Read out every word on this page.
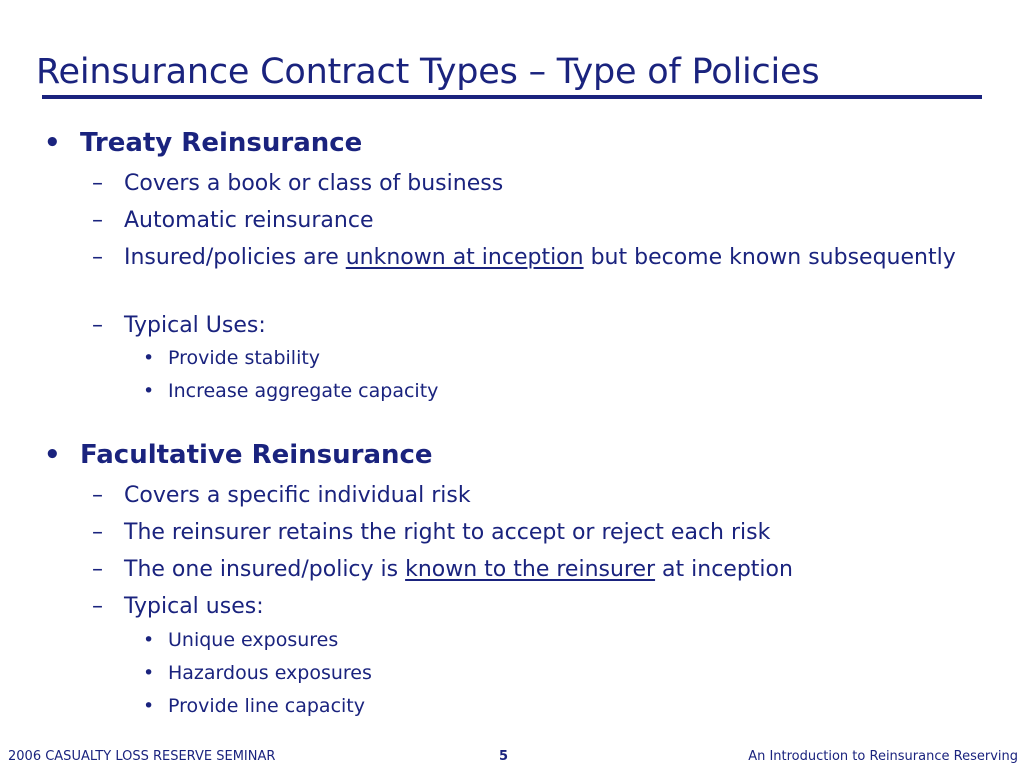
Reinsurance Contract Types – Type of Policies
• Treaty Reinsurance
– Covers a book or class of business
– Automatic reinsurance
– Insured/policies are unknown at inception but become known subsequently
– Typical Uses:
• Provide stability
• Increase aggregate capacity
• Facultative Reinsurance
– Covers a specific individual risk
– The reinsurer retains the right to accept or reject each risk
– The one insured/policy is known to the reinsurer at inception
– Typical uses:
• Unique exposures
• Hazardous exposures
• Provide line capacity
2006 CASUALTY LOSS RESERVE SEMINAR	5	An Introduction to Reinsurance Reserving
